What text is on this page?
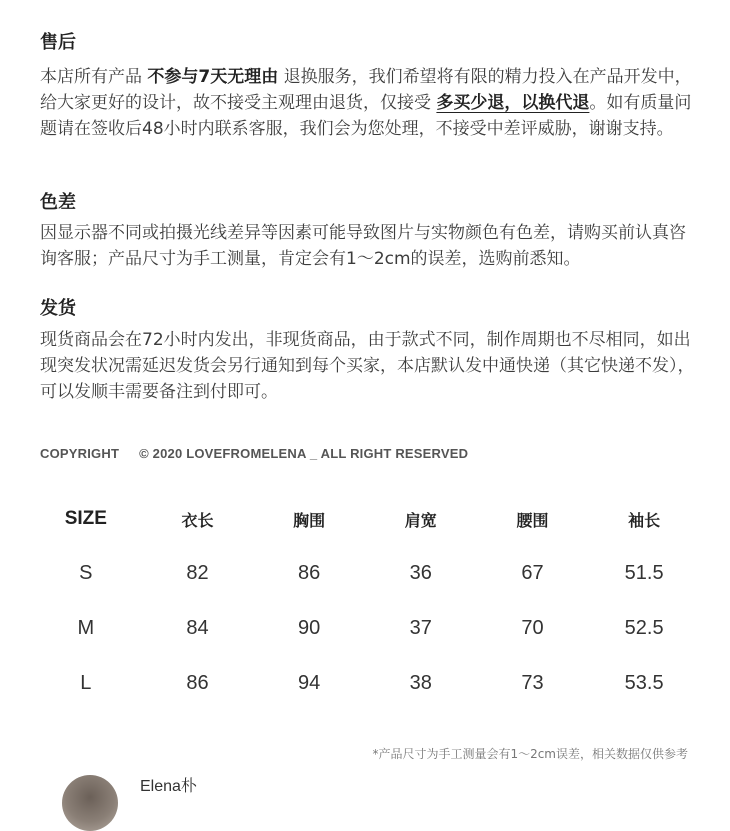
售后

本店所有产品 不参与7天无理由 退换服务，我们希望将有限的精力投入在产品开发中，给大家更好的设计，故不接受主观理由退货，仅接受 多买少退，以换代退。如有质量问题请在签收后48小时内联系客服，我们会为您处理，不接受中差评威胁，谢谢支持。

色差

因显示器不同或拍摄光线差异等因素可能导致图片与实物颜色有色差，请购买前认真咨询客服；产品尺寸为手工测量，肯定会有1～2cm的误差，选购前悉知。

发货

现货商品会在72小时内发出，非现货商品，由于款式不同，制作周期也不尽相同，如出现突发状况需延迟发货会另行通知到每个买家，本店默认发中通快递（其它快递不发），可以发顺丰需要备注到付即可。

COPYRIGHT © 2020 LOVEFROMELENA _ ALL RIGHT RESERVED
SIZE	衣长	胸围	肩宽	腰围	袖长
S	82	86	36	67	51.5
M	84	90	37	70	52.5
L	86	94	38	73	53.5
*产品尺寸为手工测量会有1～2cm误差，相关数据仅供参考
Elena朴
